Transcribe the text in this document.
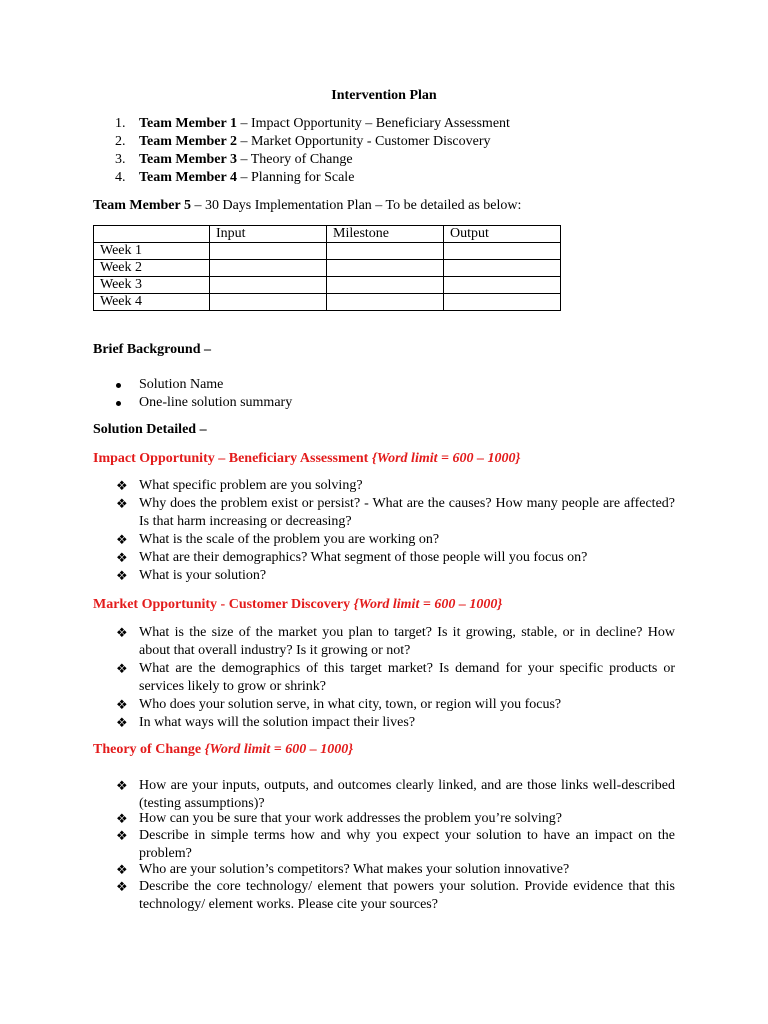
Intervention Plan
1. Team Member 1 – Impact Opportunity – Beneficiary Assessment
2. Team Member 2 – Market Opportunity - Customer Discovery
3. Team Member 3 – Theory of Change
4. Team Member 4 – Planning for Scale
Team Member 5 – 30 Days Implementation Plan – To be detailed as below:
	Input	Milestone	Output
Week 1			
Week 2			
Week 3			
Week 4			
Brief Background –
Solution Name
One-line solution summary
Solution Detailed –
Impact Opportunity – Beneficiary Assessment {Word limit = 600 – 1000}
❖ What specific problem are you solving?
❖ Why does the problem exist or persist? - What are the causes? How many people are affected? Is that harm increasing or decreasing?
❖ What is the scale of the problem you are working on?
❖ What are their demographics? What segment of those people will you focus on?
❖ What is your solution?
Market Opportunity - Customer Discovery {Word limit = 600 – 1000}
❖ What is the size of the market you plan to target? Is it growing, stable, or in decline? How about that overall industry? Is it growing or not?
❖ What are the demographics of this target market? Is demand for your specific products or services likely to grow or shrink?
❖ Who does your solution serve, in what city, town, or region will you focus?
❖ In what ways will the solution impact their lives?
Theory of Change {Word limit = 600 – 1000}
❖ How are your inputs, outputs, and outcomes clearly linked, and are those links well-described (testing assumptions)?
❖ How can you be sure that your work addresses the problem you’re solving?
❖ Describe in simple terms how and why you expect your solution to have an impact on the problem?
❖ Who are your solution’s competitors? What makes your solution innovative?
❖ Describe the core technology/ element that powers your solution. Provide evidence that this technology/ element works. Please cite your sources?
